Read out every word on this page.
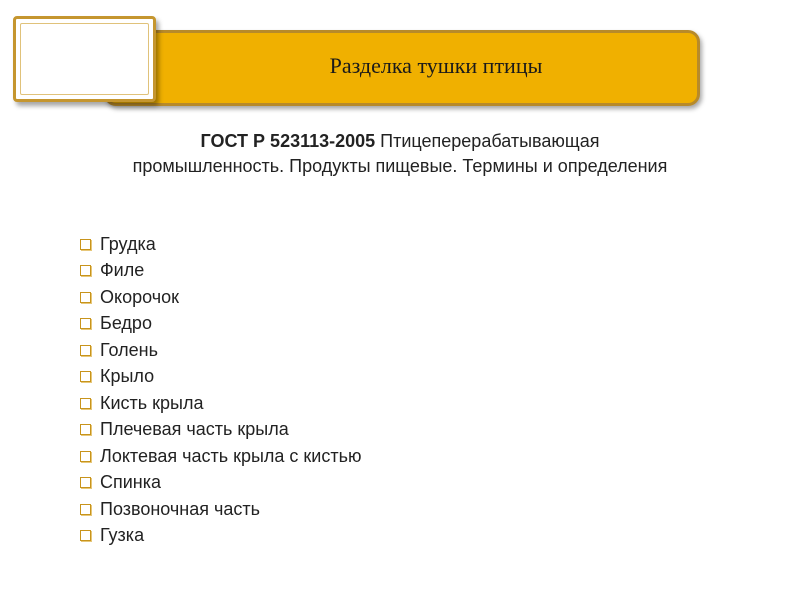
Разделка тушки птицы
ГОСТ Р 523113-2005 Птицеперерабатывающая
промышленность. Продукты пищевые. Термины и определения
Грудка
Филе
Окорочок
Бедро
Голень
Крыло
Кисть крыла
Плечевая часть крыла
Локтевая часть крыла с кистью
Спинка
Позвоночная часть
Гузка
